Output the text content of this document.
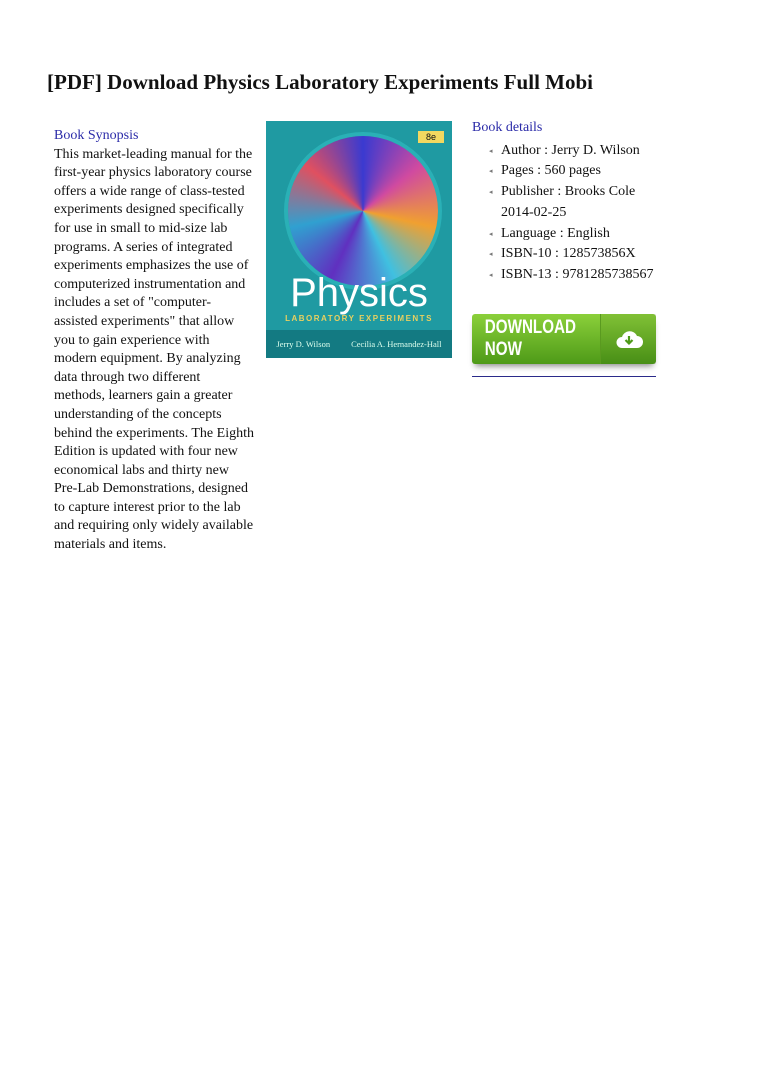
[PDF] Download Physics Laboratory Experiments Full Mobi
Book Synopsis
This market-leading manual for the first-year physics laboratory course offers a wide range of class-tested experiments designed specifically for use in small to mid-size lab programs. A series of integrated experiments emphasizes the use of computerized instrumentation and includes a set of "computer-assisted experiments" that allow you to gain experience with modern equipment. By analyzing data through two different methods, learners gain a greater understanding of the concepts behind the experiments. The Eighth Edition is updated with four new economical labs and thirty new Pre-Lab Demonstrations, designed to capture interest prior to the lab and requiring only widely available materials and items.
8e
Physics
LABORATORY EXPERIMENTS
Jerry D. Wilson Cecilia A. Hernandez-Hall
Book details
◂ Author : Jerry D. Wilson
◂ Pages : 560 pages
◂ Publisher : Brooks Cole 2014-02-25
◂ Language : English
◂ ISBN-10 : 128573856X
◂ ISBN-13 : 9781285738567
DOWNLOAD NOW
